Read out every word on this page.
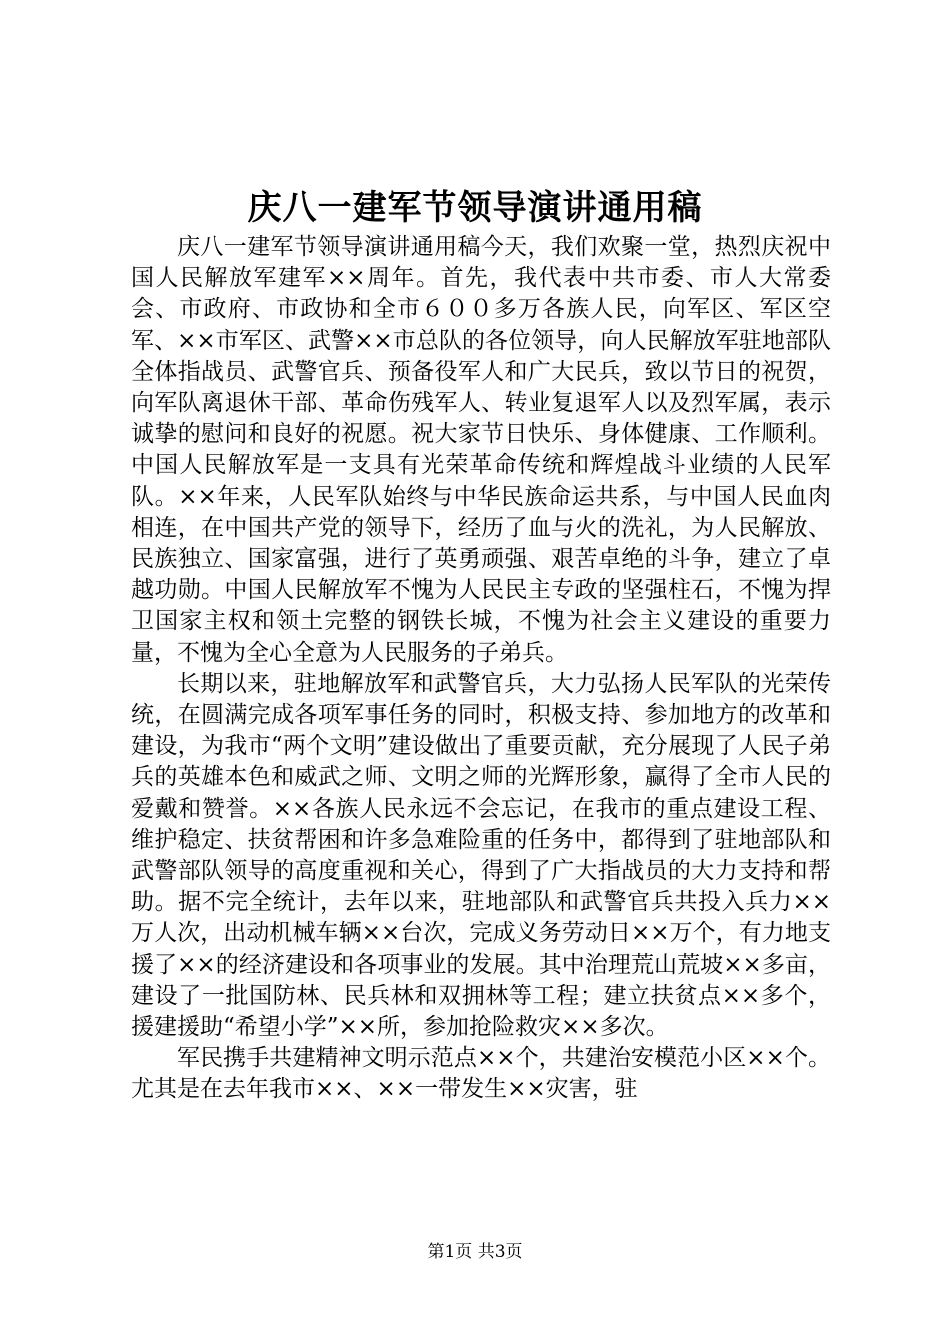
庆八一建军节领导演讲通用稿

庆八一建军节领导演讲通用稿今天，我们欢聚一堂，热烈庆祝中国人民解放军建军××周年。首先，我代表中共市委、市人大常委会、市政府、市政协和全市６００多万各族人民，向军区、军区空军、××市军区、武警××市总队的各位领导，向人民解放军驻地部队全体指战员、武警官兵、预备役军人和广大民兵，致以节日的祝贺，向军队离退休干部、革命伤残军人、转业复退军人以及烈军属，表示诚挚的慰问和良好的祝愿。祝大家节日快乐、身体健康、工作顺利。中国人民解放军是一支具有光荣革命传统和辉煌战斗业绩的人民军队。××年来，人民军队始终与中华民族命运共系，与中国人民血肉相连，在中国共产党的领导下，经历了血与火的洗礼，为人民解放、民族独立、国家富强，进行了英勇顽强、艰苦卓绝的斗争，建立了卓越功勋。中国人民解放军不愧为人民民主专政的坚强柱石，不愧为捍卫国家主权和领土完整的钢铁长城，不愧为社会主义建设的重要力量，不愧为全心全意为人民服务的子弟兵。

长期以来，驻地解放军和武警官兵，大力弘扬人民军队的光荣传统，在圆满完成各项军事任务的同时，积极支持、参加地方的改革和建设，为我市“两个文明”建设做出了重要贡献，充分展现了人民子弟兵的英雄本色和威武之师、文明之师的光辉形象，赢得了全市人民的爱戴和赞誉。××各族人民永远不会忘记，在我市的重点建设工程、维护稳定、扶贫帮困和许多急难险重的任务中，都得到了驻地部队和武警部队领导的高度重视和关心，得到了广大指战员的大力支持和帮助。据不完全统计，去年以来，驻地部队和武警官兵共投入兵力××万人次，出动机械车辆××台次，完成义务劳动日××万个，有力地支援了××的经济建设和各项事业的发展。其中治理荒山荒坡××多亩，建设了一批国防林、民兵林和双拥林等工程；建立扶贫点××多个，援建援助“希望小学”××所，参加抢险救灾××多次。

军民携手共建精神文明示范点××个，共建治安模范小区××个。尤其是在去年我市××、××一带发生××灾害，驻

第1页 共3页
